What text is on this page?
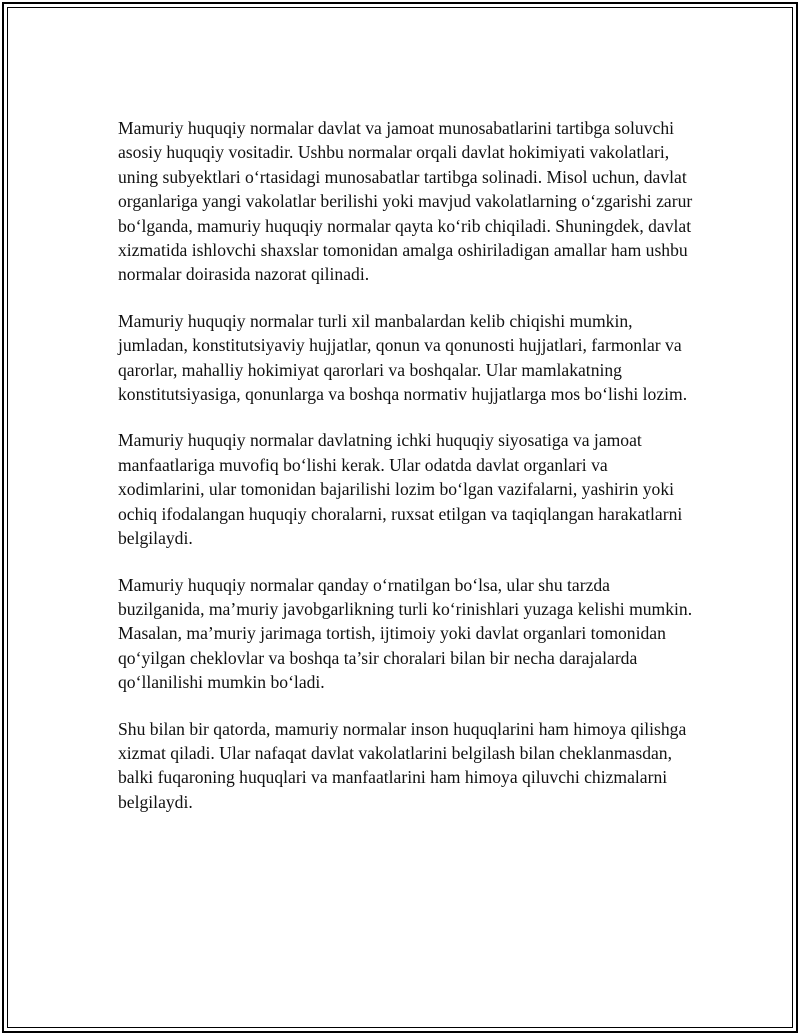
Mamuriy huquqiy normalar davlat va jamoat munosabatlarini tartibga soluvchi asosiy huquqiy vositadir. Ushbu normalar orqali davlat hokimiyati vakolatlari, uning subyektlari o‘rtasidagi munosabatlar tartibga solinadi. Misol uchun, davlat organlariga yangi vakolatlar berilishi yoki mavjud vakolatlarning o‘zgarishi zarur bo‘lganda, mamuriy huquqiy normalar qayta ko‘rib chiqiladi. Shuningdek, davlat xizmatida ishlovchi shaxslar tomonidan amalga oshiriladigan amallar ham ushbu normalar doirasida nazorat qilinadi.

Mamuriy huquqiy normalar turli xil manbalardan kelib chiqishi mumkin, jumladan, konstitutsiyaviy hujjatlar, qonun va qonunosti hujjatlari, farmonlar va qarorlar, mahalliy hokimiyat qarorlari va boshqalar. Ular mamlakatning konstitutsiyasiga, qonunlarga va boshqa normativ hujjatlarga mos bo‘lishi lozim.

Mamuriy huquqiy normalar davlatning ichki huquqiy siyosatiga va jamoat manfaatlariga muvofiq bo‘lishi kerak. Ular odatda davlat organlari va xodimlarini, ular tomonidan bajarilishi lozim bo‘lgan vazifalarni, yashirin yoki ochiq ifodalangan huquqiy choralarni, ruxsat etilgan va taqiqlangan harakatlarni belgilaydi.

Mamuriy huquqiy normalar qanday o‘rnatilgan bo‘lsa, ular shu tarzda buzilganida, ma’muriy javobgarlikning turli ko‘rinishlari yuzaga kelishi mumkin. Masalan, ma’muriy jarimaga tortish, ijtimoiy yoki davlat organlari tomonidan qo‘yilgan cheklovlar va boshqa ta’sir choralari bilan bir necha darajalarda qo‘llanilishi mumkin bo‘ladi.

Shu bilan bir qatorda, mamuriy normalar inson huquqlarini ham himoya qilishga xizmat qiladi. Ular nafaqat davlat vakolatlarini belgilash bilan cheklanmasdan, balki fuqaroning huquqlari va manfaatlarini ham himoya qiluvchi chizmalarni belgilaydi.
